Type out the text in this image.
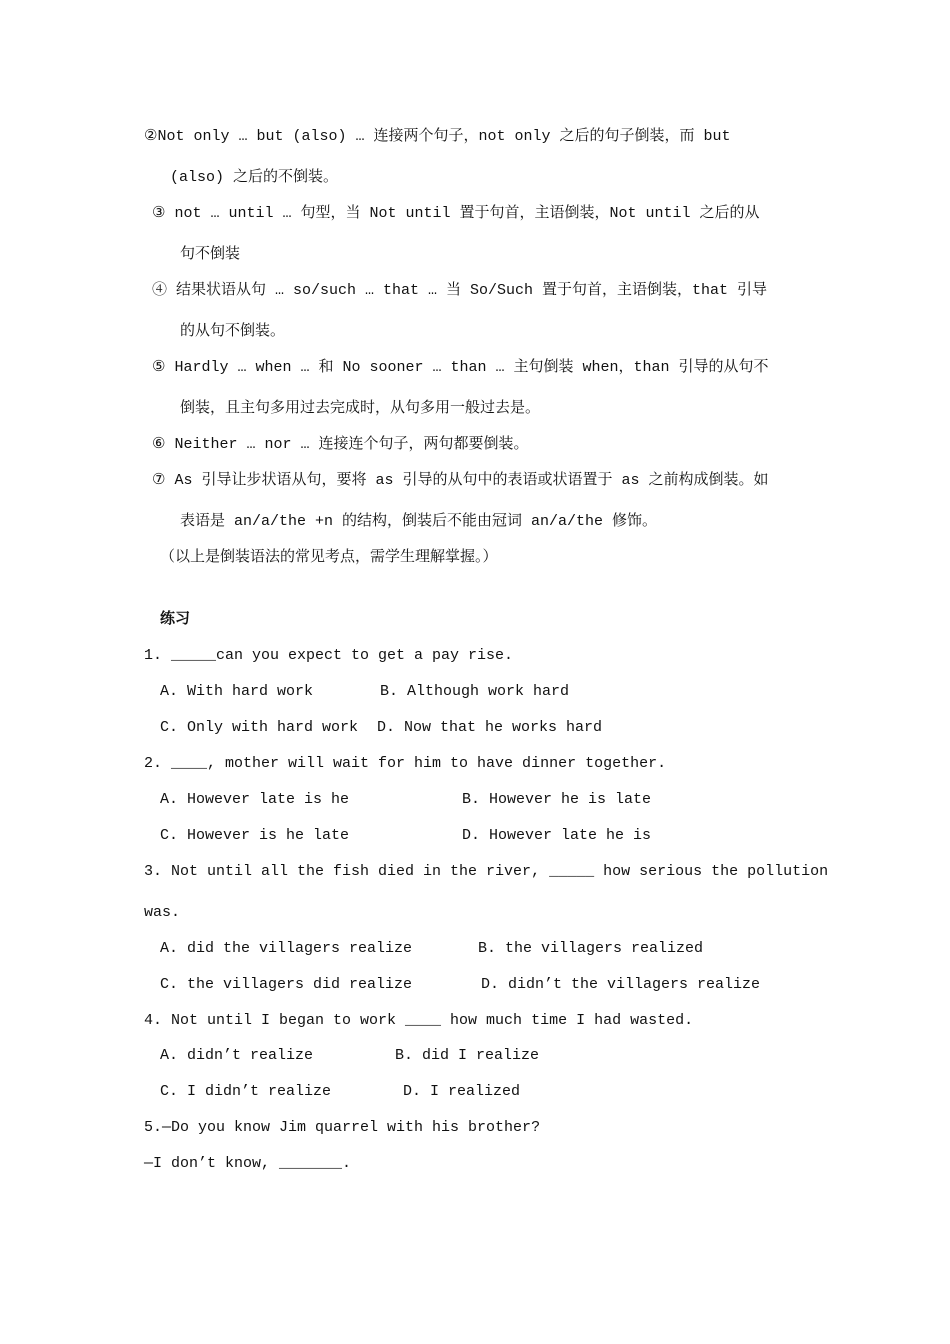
②Not only … but (also) … 连接两个句子，not only 之后的句子倒装，而 but
(also) 之后的不倒装。
③ not … until … 句型，当 Not until 置于句首，主语倒装，Not until 之后的从
句不倒装
④ 结果状语从句 … so/such … that … 当 So/Such 置于句首，主语倒装，that 引导
的从句不倒装。
⑤ Hardly … when … 和 No sooner … than … 主句倒装 when，than 引导的从句不
倒装，且主句多用过去完成时，从句多用一般过去是。
⑥ Neither … nor … 连接连个句子，两句都要倒装。
⑦ As 引导让步状语从句，要将 as 引导的从句中的表语或状语置于 as 之前构成倒装。如
表语是 an/a/the +n 的结构，倒装后不能由冠词 an/a/the 修饰。
（以上是倒装语法的常见考点，需学生理解掌握。）
练习
1. _____can you expect to get a pay rise.
A. With hard work	B. Although work hard
C. Only with hard work D. Now that he works hard
2. ____, mother will wait for him to have dinner together.
A. However late is he	B. However he is late
C. However is he late	D. However late he is
3. Not until all the fish died in the river, _____ how serious the pollution
was.
A. did the villagers realize	B. the villagers realized
C. the villagers did realize	D. didn’t the villagers realize
4. Not until I began to work ____ how much time I had wasted.
A. didn’t realize	B. did I realize
C. I didn’t realize	D. I realized
5.—Do you know Jim quarrel with his brother?
—I don’t know, _______.
